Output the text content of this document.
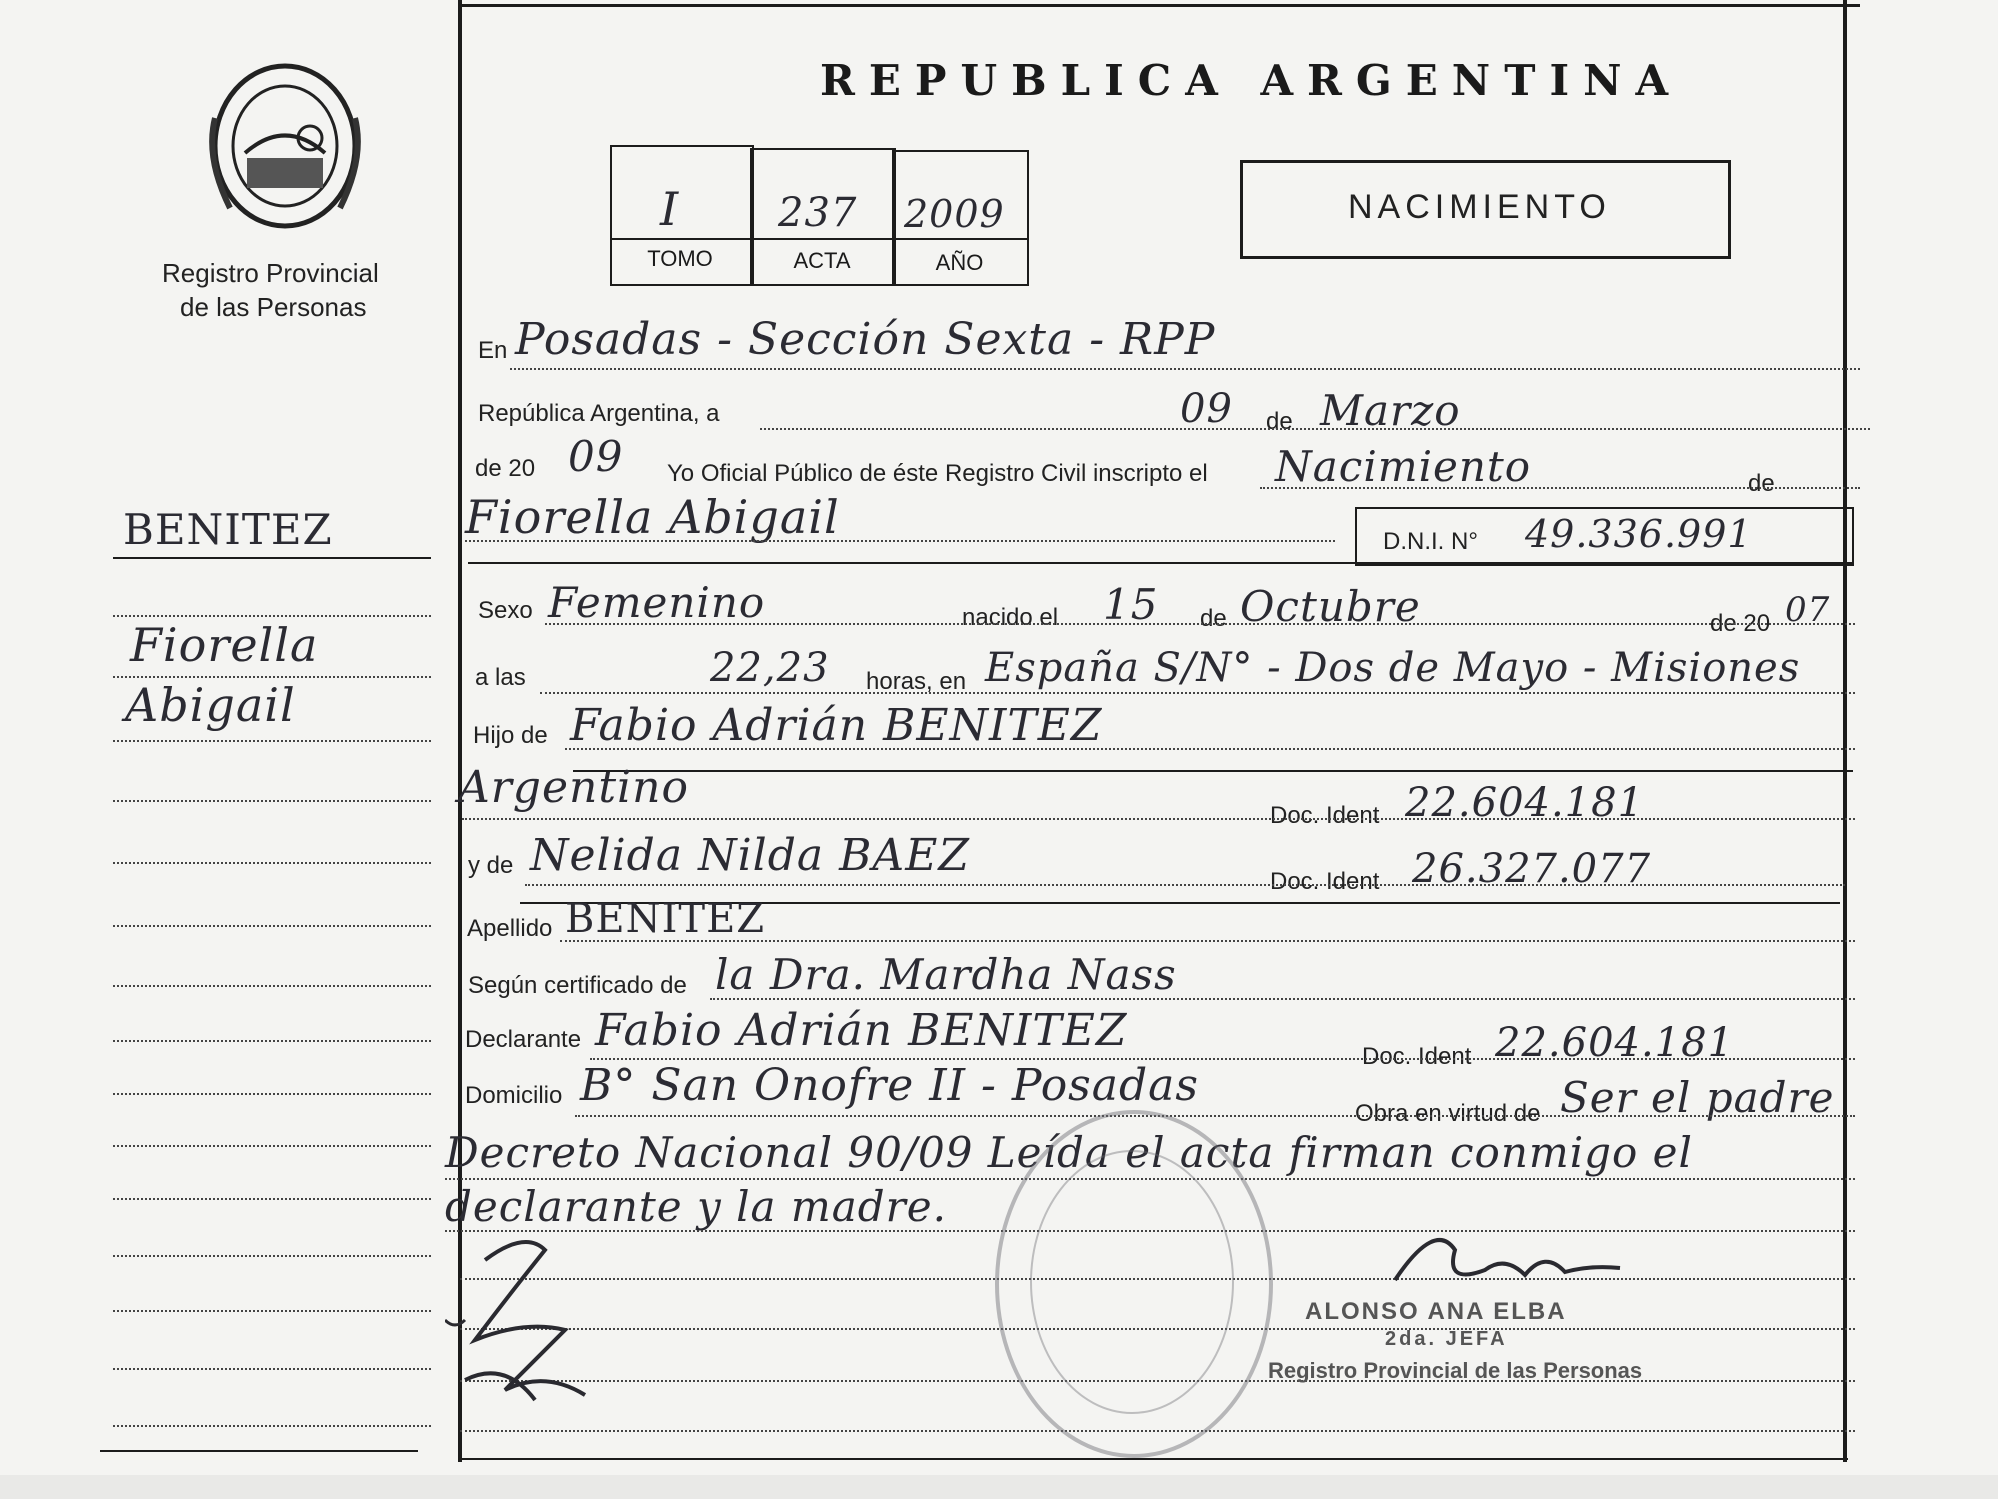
Registro Provincial
de las Personas
REPUBLICA ARGENTINA
I 237 2009
TOMO	ACTA	AÑO
NACIMIENTO
BENITEZ
Fiorella
Abigail
En Posadas - Sección Sexta - RPP
República Argentina, a	09 de Marzo
de 20 09 Yo Oficial Público de éste Registro Civil inscripto el Nacimiento	de
Fiorella Abigail	D.N.I. N° 49.336.991
Sexo Femenino	nacido el 15 de Octubre	de 20 07
a las	22,23 horas, en España S/N° - Dos de Mayo - Misiones
Hijo de Fabio Adrián BENITEZ
Argentino
Doc. Ident 22.604.181
y de Nelida Nilda BAEZ
Doc. Ident 26.327.077
Apellido BENITEZ
Según certificado de la Dra. Mardha Nass
Declarante Fabio Adrián BENITEZ
Doc. Ident 22.604.181
Domicilio B° San Onofre II - Posadas
Obra en virtud de Ser el padre
Decreto Nacional 90/09 Leída el acta firman conmigo el
declarante y la madre.
ALONSO ANA ELBA
2da. JEFA
Registro Provincial de las Personas
